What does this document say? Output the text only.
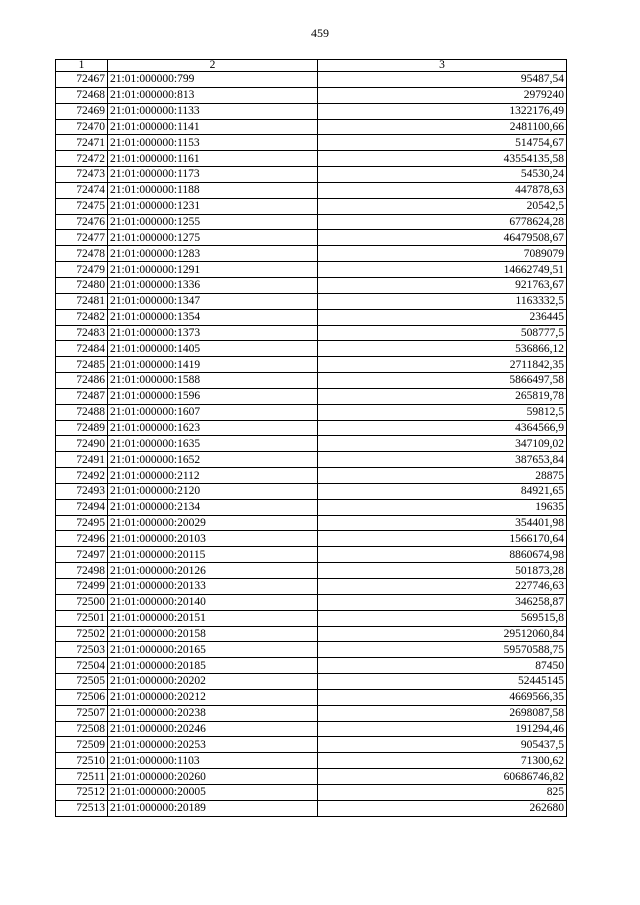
459
1	2	3
72467	21:01:000000:799	95487,54
72468	21:01:000000:813	2979240
72469	21:01:000000:1133	1322176,49
72470	21:01:000000:1141	2481100,66
72471	21:01:000000:1153	514754,67
72472	21:01:000000:1161	43554135,58
72473	21:01:000000:1173	54530,24
72474	21:01:000000:1188	447878,63
72475	21:01:000000:1231	20542,5
72476	21:01:000000:1255	6778624,28
72477	21:01:000000:1275	46479508,67
72478	21:01:000000:1283	7089079
72479	21:01:000000:1291	14662749,51
72480	21:01:000000:1336	921763,67
72481	21:01:000000:1347	1163332,5
72482	21:01:000000:1354	236445
72483	21:01:000000:1373	508777,5
72484	21:01:000000:1405	536866,12
72485	21:01:000000:1419	2711842,35
72486	21:01:000000:1588	5866497,58
72487	21:01:000000:1596	265819,78
72488	21:01:000000:1607	59812,5
72489	21:01:000000:1623	4364566,9
72490	21:01:000000:1635	347109,02
72491	21:01:000000:1652	387653,84
72492	21:01:000000:2112	28875
72493	21:01:000000:2120	84921,65
72494	21:01:000000:2134	19635
72495	21:01:000000:20029	354401,98
72496	21:01:000000:20103	1566170,64
72497	21:01:000000:20115	8860674,98
72498	21:01:000000:20126	501873,28
72499	21:01:000000:20133	227746,63
72500	21:01:000000:20140	346258,87
72501	21:01:000000:20151	569515,8
72502	21:01:000000:20158	29512060,84
72503	21:01:000000:20165	59570588,75
72504	21:01:000000:20185	87450
72505	21:01:000000:20202	52445145
72506	21:01:000000:20212	4669566,35
72507	21:01:000000:20238	2698087,58
72508	21:01:000000:20246	191294,46
72509	21:01:000000:20253	905437,5
72510	21:01:000000:1103	71300,62
72511	21:01:000000:20260	60686746,82
72512	21:01:000000:20005	825
72513	21:01:000000:20189	262680
